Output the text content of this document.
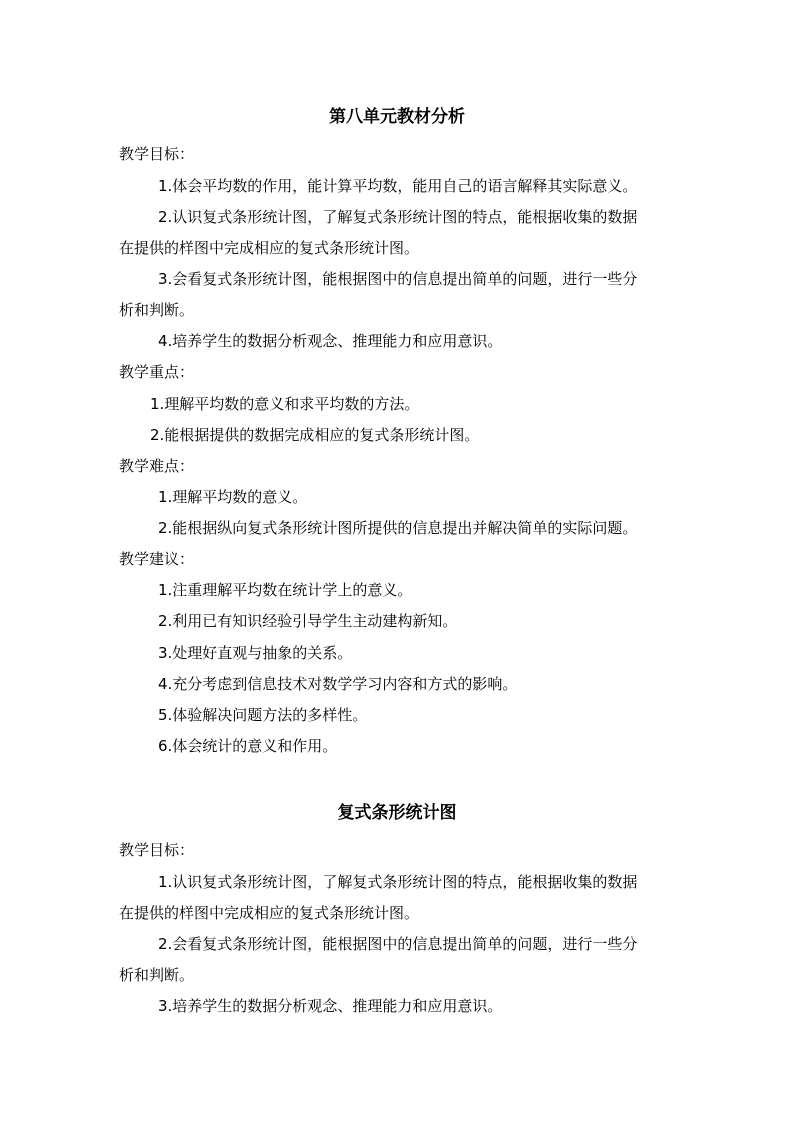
第八单元教材分析

教学目标：

1.体会平均数的作用，能计算平均数，能用自己的语言解释其实际意义。

2.认识复式条形统计图，了解复式条形统计图的特点，能根据收集的数据

在提供的样图中完成相应的复式条形统计图。

3.会看复式条形统计图，能根据图中的信息提出简单的问题，进行一些分

析和判断。

4.培养学生的数据分析观念、推理能力和应用意识。

教学重点：

1.理解平均数的意义和求平均数的方法。

2.能根据提供的数据完成相应的复式条形统计图。

教学难点：

1.理解平均数的意义。

2.能根据纵向复式条形统计图所提供的信息提出并解决简单的实际问题。

教学建议：

1.注重理解平均数在统计学上的意义。

2.利用已有知识经验引导学生主动建构新知。

3.处理好直观与抽象的关系。

4.充分考虑到信息技术对数学学习内容和方式的影响。

5.体验解决问题方法的多样性。

6.体会统计的意义和作用。

复式条形统计图

教学目标：

1.认识复式条形统计图，了解复式条形统计图的特点，能根据收集的数据

在提供的样图中完成相应的复式条形统计图。

2.会看复式条形统计图，能根据图中的信息提出简单的问题，进行一些分

析和判断。

3.培养学生的数据分析观念、推理能力和应用意识。
